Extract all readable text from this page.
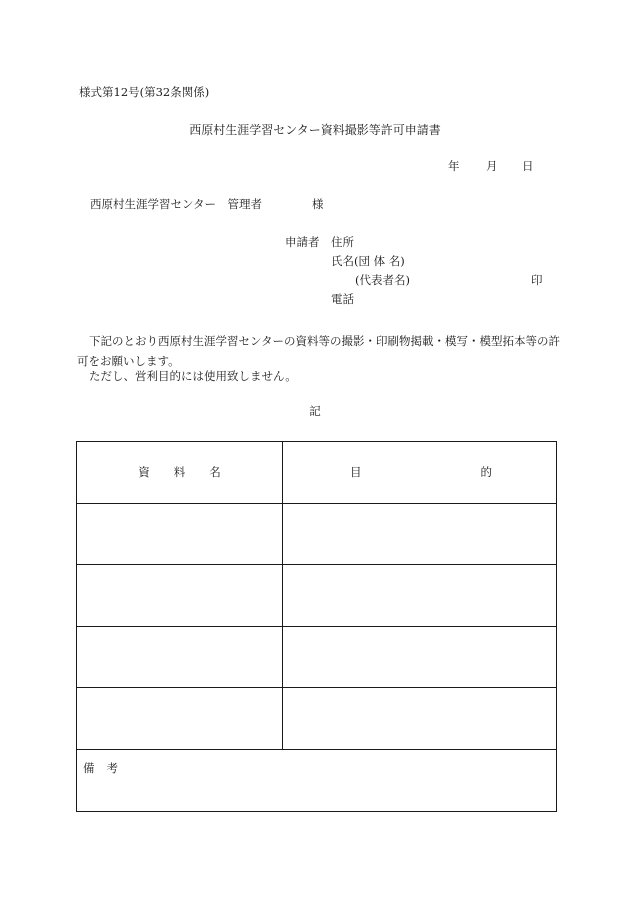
様式第12号(第32条関係)
西原村生涯学習センター資料撮影等許可申請書
年 月 日
西原村生涯学習センター　管理者	様
申請者 住所
氏名(団 体 名)
(代表者名)	印
電話
下記のとおり西原村生涯学習センターの資料等の撮影・印刷物掲載・模写・模型拓本等の許可をお願いします。
ただし、営利目的には使用致しません。
記
資料名	目 的

備考	
